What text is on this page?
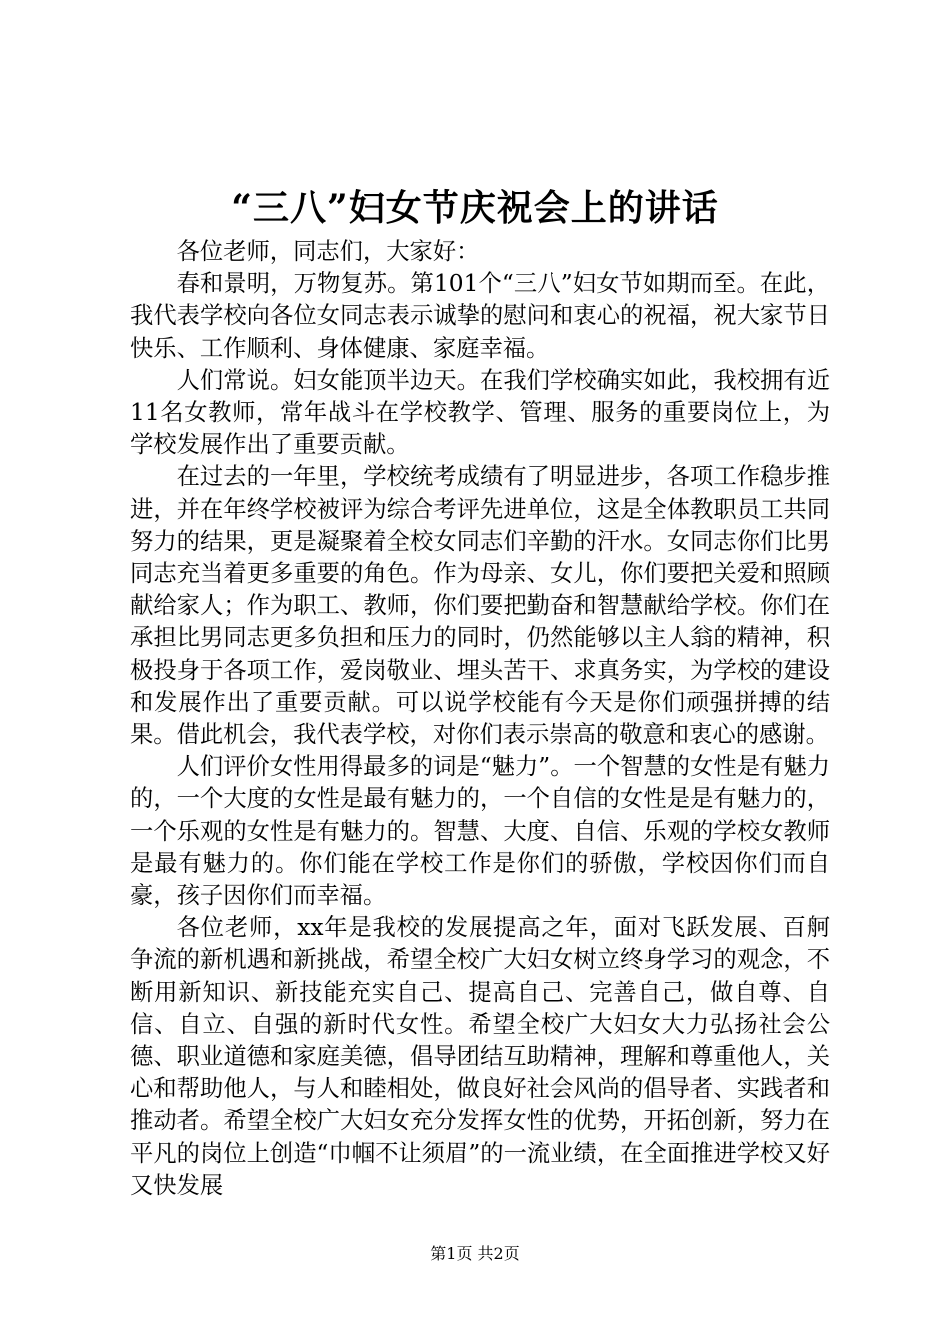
“三八”妇女节庆祝会上的讲话

各位老师，同志们，大家好：

春和景明，万物复苏。第101个“三八”妇女节如期而至。在此，我代表学校向各位女同志表示诚挚的慰问和衷心的祝福，祝大家节日快乐、工作顺利、身体健康、家庭幸福。

人们常说。妇女能顶半边天。在我们学校确实如此，我校拥有近11名女教师，常年战斗在学校教学、管理、服务的重要岗位上，为学校发展作出了重要贡献。

在过去的一年里，学校统考成绩有了明显进步，各项工作稳步推进，并在年终学校被评为综合考评先进单位，这是全体教职员工共同努力的结果，更是凝聚着全校女同志们辛勤的汗水。女同志你们比男同志充当着更多重要的角色。作为母亲、女儿，你们要把关爱和照顾献给家人；作为职工、教师，你们要把勤奋和智慧献给学校。你们在承担比男同志更多负担和压力的同时，仍然能够以主人翁的精神，积极投身于各项工作，爱岗敬业、埋头苦干、求真务实，为学校的建设和发展作出了重要贡献。可以说学校能有今天是你们顽强拼搏的结果。借此机会，我代表学校，对你们表示崇高的敬意和衷心的感谢。

人们评价女性用得最多的词是“魅力”。一个智慧的女性是有魅力的，一个大度的女性是最有魅力的，一个自信的女性是是有魅力的，一个乐观的女性是有魅力的。智慧、大度、自信、乐观的学校女教师是最有魅力的。你们能在学校工作是你们的骄傲，学校因你们而自豪，孩子因你们而幸福。

各位老师，xx年是我校的发展提高之年，面对飞跃发展、百舸争流的新机遇和新挑战，希望全校广大妇女树立终身学习的观念，不断用新知识、新技能充实自己、提高自己、完善自己，做自尊、自信、自立、自强的新时代女性。希望全校广大妇女大力弘扬社会公德、职业道德和家庭美德，倡导团结互助精神，理解和尊重他人，关心和帮助他人，与人和睦相处，做良好社会风尚的倡导者、实践者和推动者。希望全校广大妇女充分发挥女性的优势，开拓创新，努力在平凡的岗位上创造“巾帼不让须眉”的一流业绩，在全面推进学校又好又快发展

第1页 共2页
